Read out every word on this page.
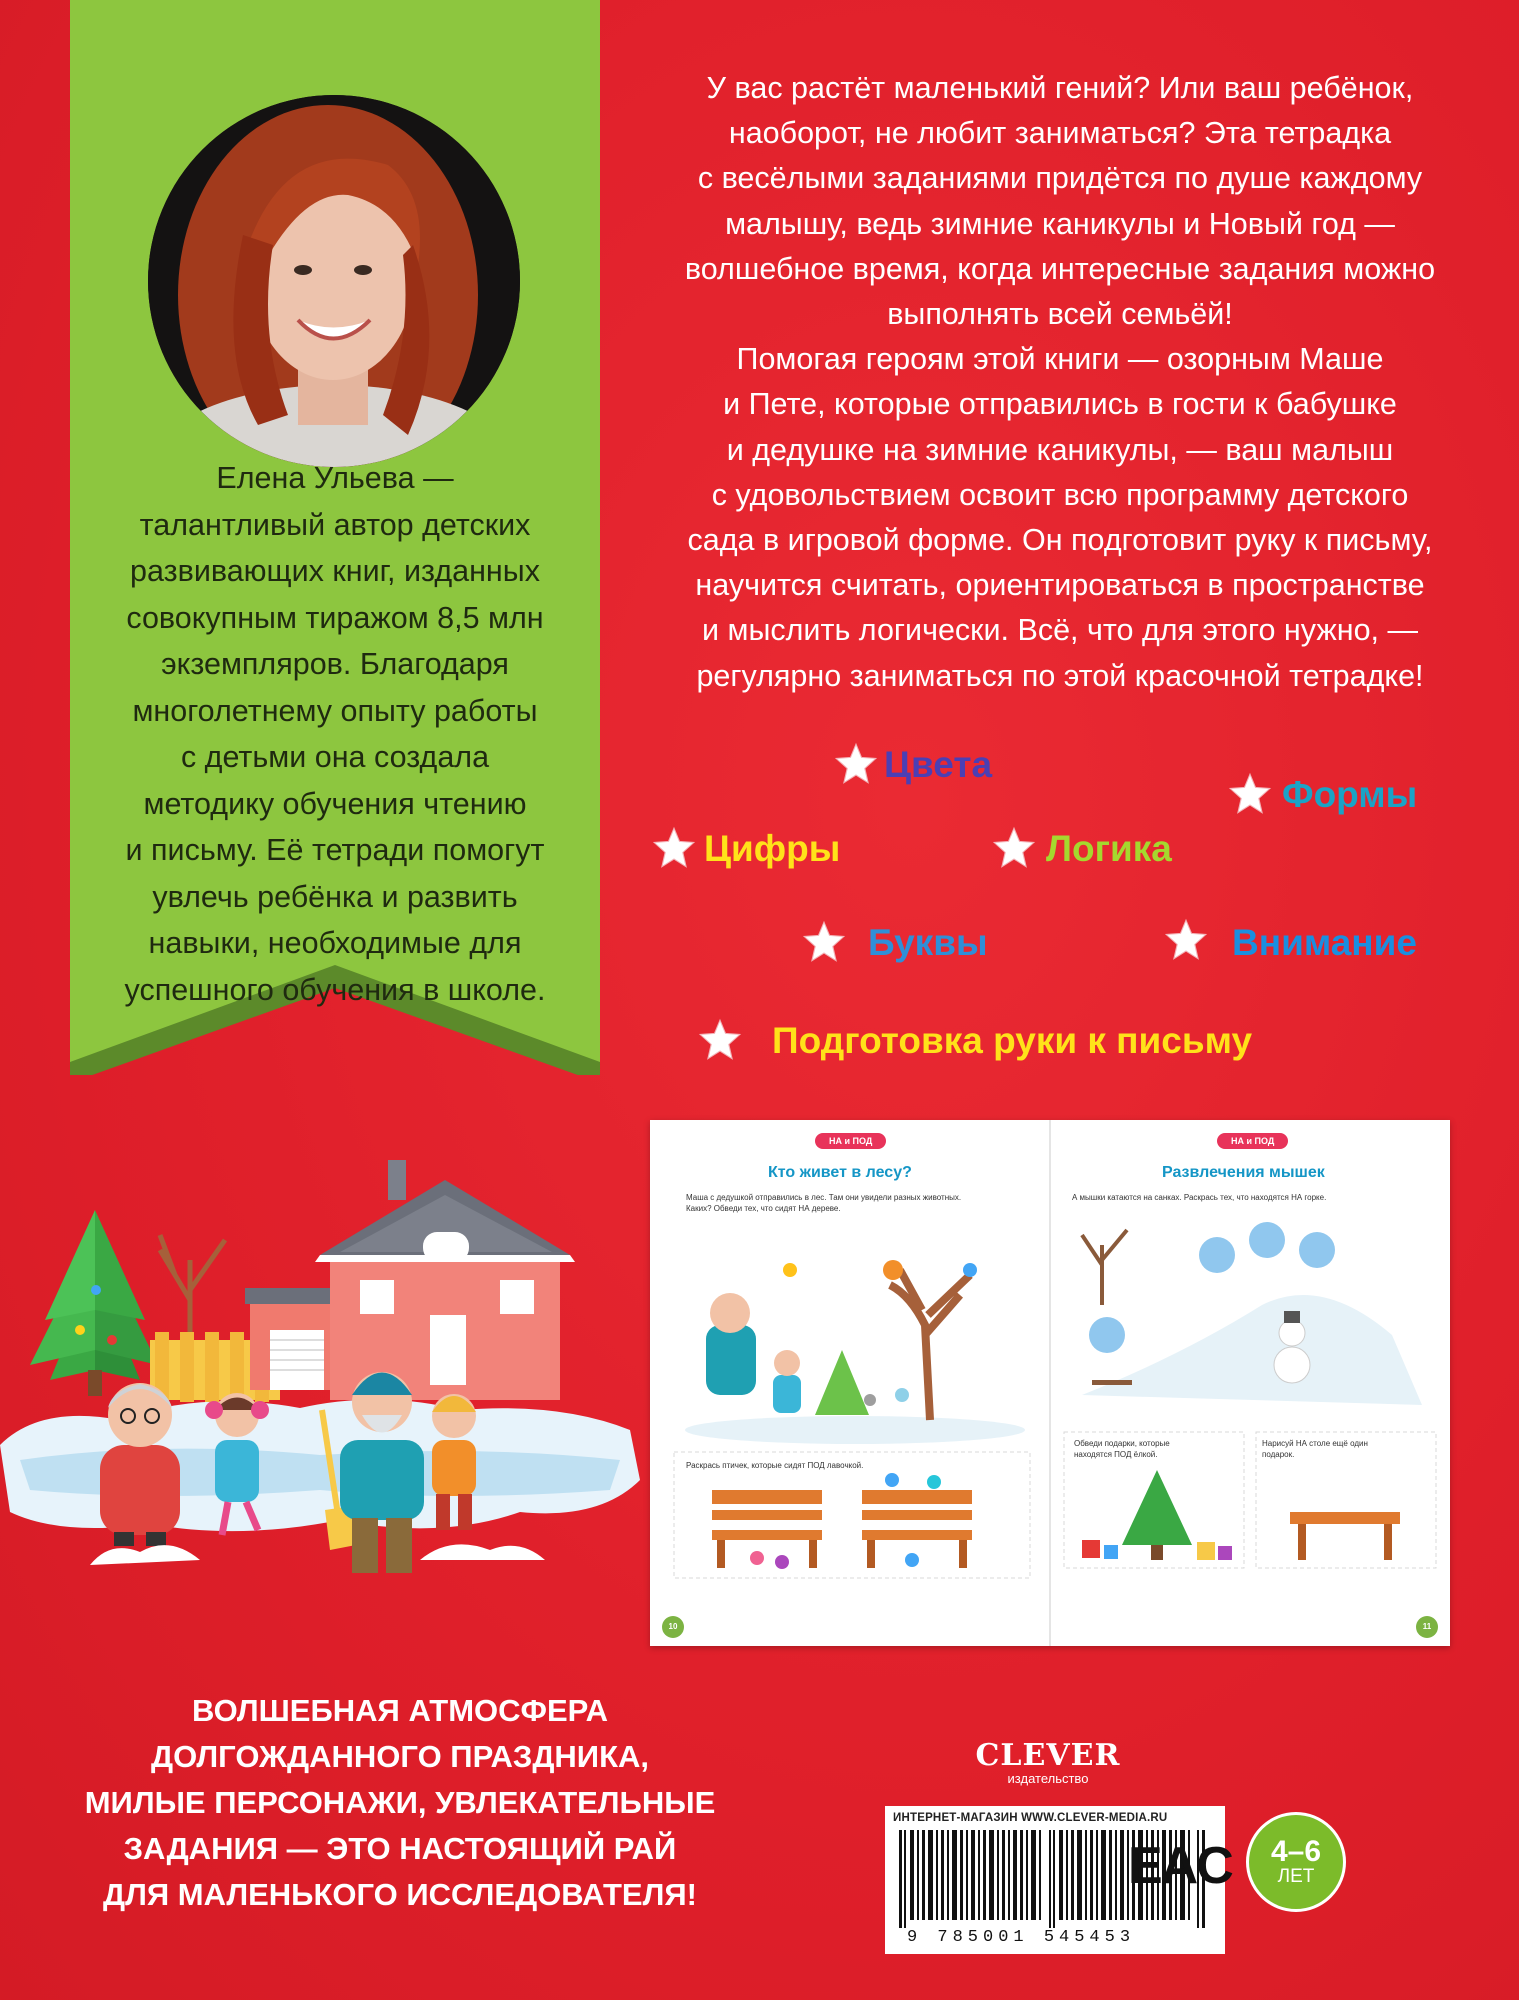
Елена Ульева —
талантливый автор детских
развивающих книг, изданных
совокупным тиражом 8,5 млн
экземпляров. Благодаря
многолетнему опыту работы
с детьми она создала
методику обучения чтению
и письму. Её тетради помогут
увлечь ребёнка и развить
навыки, необходимые для
успешного обучения в школе.

У вас растёт маленький гений? Или ваш ребёнок,
наоборот, не любит заниматься? Эта тетрадка
с весёлыми заданиями придётся по душе каждому
малышу, ведь зимние каникулы и Новый год —
волшебное время, когда интересные задания можно
выполнять всей семьёй!
Помогая героям этой книги — озорным Маше
и Пете, которые отправились в гости к бабушке
и дедушке на зимние каникулы, — ваш малыш
с удовольствием освоит всю программу детского
сада в игровой форме. Он подготовит руку к письму,
научится считать, ориентироваться в пространстве
и мыслить логически. Всё, что для этого нужно, —
регулярно заниматься по этой красочной тетрадке!
Цвета
Формы
Цифры	Логика
Буквы	Внимание
Подготовка руки к письму
НА и ПОД
Кто живет в лесу?
Маша с дедушкой отправились в лес. Там они увидели разных животных.
Каких? Обведи тех, что сидят НА дереве.
Раскрась птичек, которые сидят ПОД лавочкой.
10
НА и ПОД
Развлечения мышек
А мышки катаются на санках. Раскрась тех, что находятся НА горке.
Обведи подарки, которые
находятся ПОД ёлкой.
Нарисуй НА столе ещё один
подарок.
11
ВОЛШЕБНАЯ АТМОСФЕРА
ДОЛГОЖДАННОГО ПРАЗДНИКА,
МИЛЫЕ ПЕРСОНАЖИ, УВЛЕКАТЕЛЬНЫЕ
ЗАДАНИЯ — ЭТО НАСТОЯЩИЙ РАЙ
ДЛЯ МАЛЕНЬКОГО ИССЛЕДОВАТЕЛЯ!
CLEVER
издательство
ИНТЕРНЕТ-МАГАЗИН WWW.CLEVER-MEDIA.RU
9 785001 545453
EAC	4–6
ЛЕТ
